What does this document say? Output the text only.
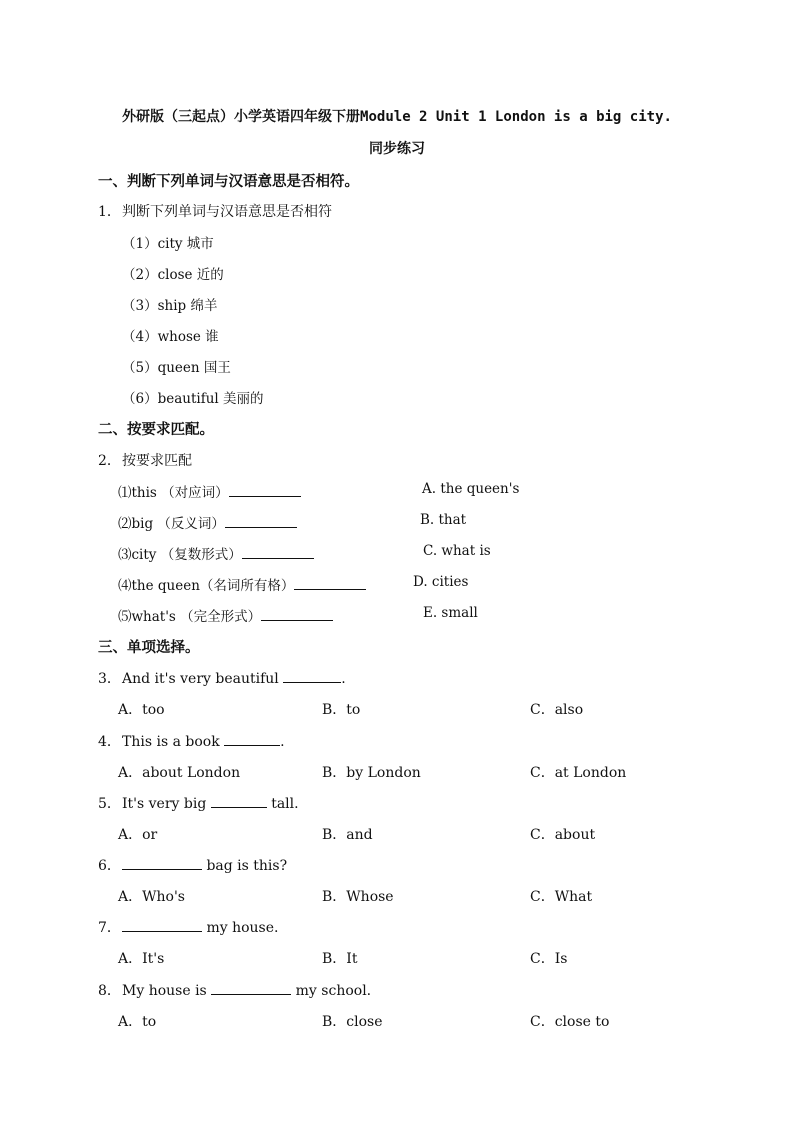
外研版（三起点）小学英语四年级下册Module 2 Unit 1 London is a big city.
同步练习
一、判断下列单词与汉语意思是否相符。
1．判断下列单词与汉语意思是否相符
（1）city 城市
（2）close 近的
（3）ship 绵羊
（4）whose 谁
（5）queen 国王
（6）beautiful 美丽的
二、按要求匹配。
2．按要求匹配
⑴this （对应词）
⑵big （反义词）
⑶city （复数形式）
⑷the queen（名词所有格）
⑸what's （完全形式）
A. the queen's
B. that
C. what is
D. cities
E. small
三、单项选择。
3．And it's very beautiful	.
A．too	B．to	C．also
4．This is a book	.
A．about London	B．by London	C．at London
5．It's very big	tall.
A．or	B．and	C．about
6．	bag is this?
A．Who's	B．Whose	C．What
7．	my house.
A．It's	B．It	C．Is
8．My house is	my school.
A．to	B．close	C．close to
